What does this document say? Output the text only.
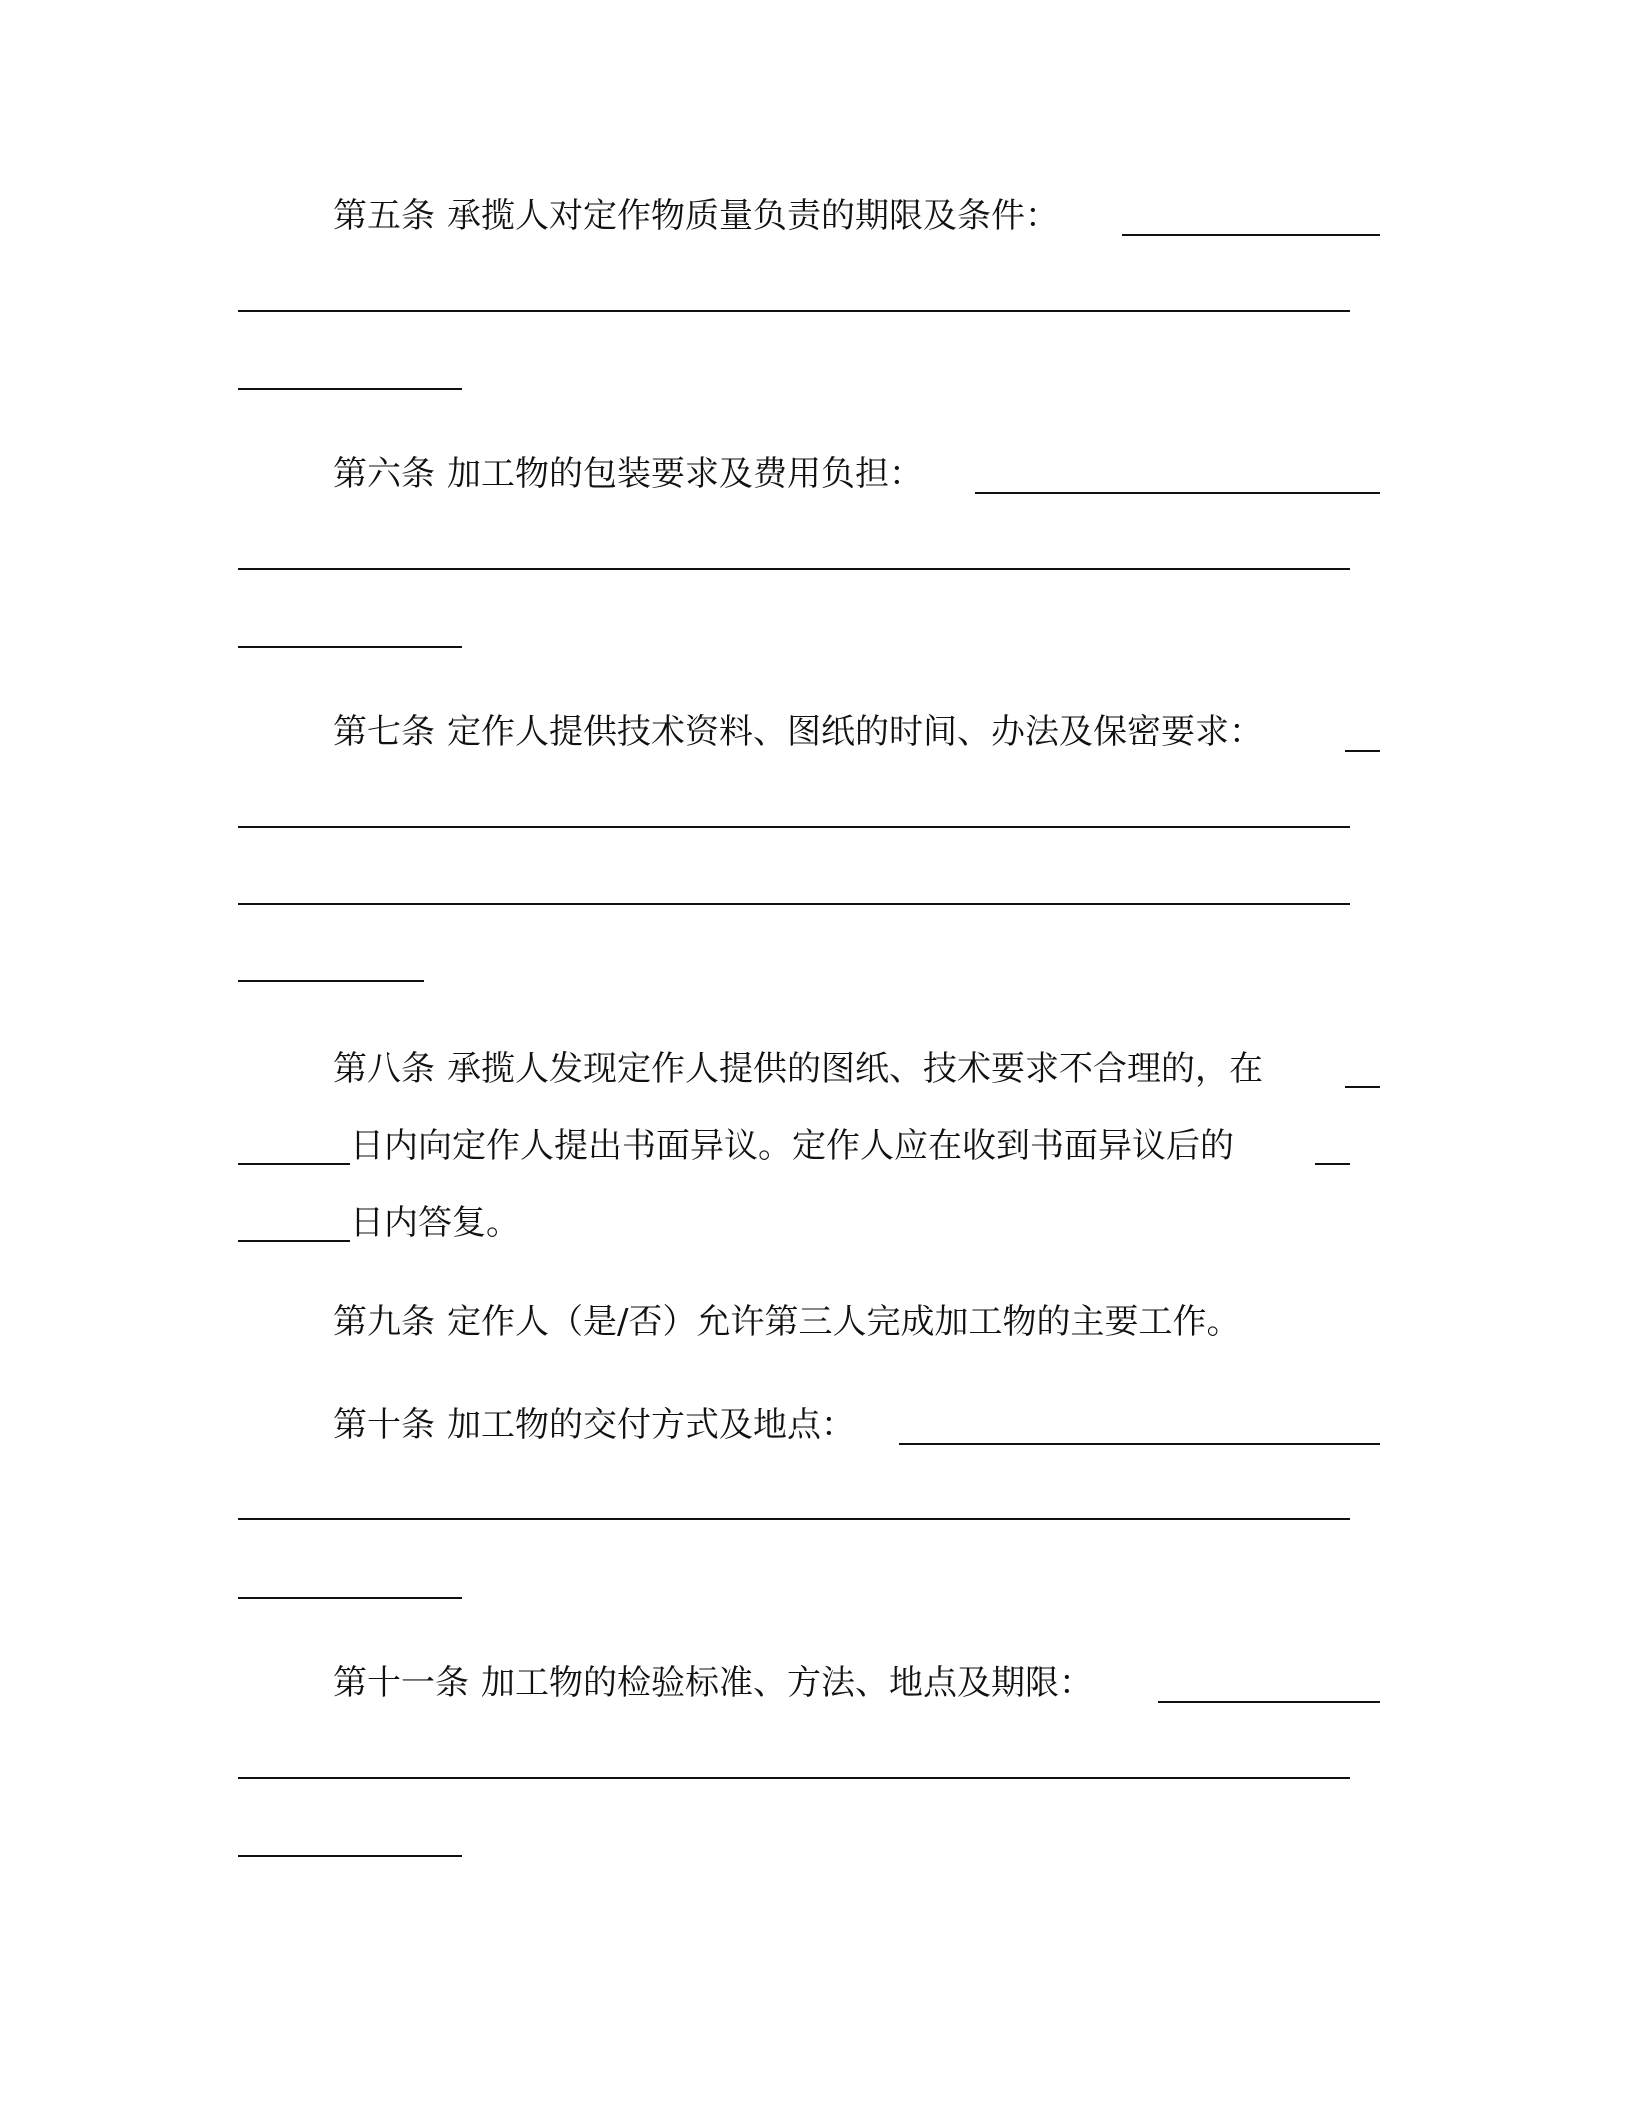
第五条 承揽人对定作物质量负责的期限及条件：
第六条 加工物的包装要求及费用负担：
第七条 定作人提供技术资料、图纸的时间、办法及保密要求：
第八条 承揽人发现定作人提供的图纸、技术要求不合理的，在
日内向定作人提出书面异议。定作人应在收到书面异议后的
日内答复。
第九条 定作人（是/否）允许第三人完成加工物的主要工作。
第十条 加工物的交付方式及地点：
第十一条 加工物的检验标准、方法、地点及期限：
